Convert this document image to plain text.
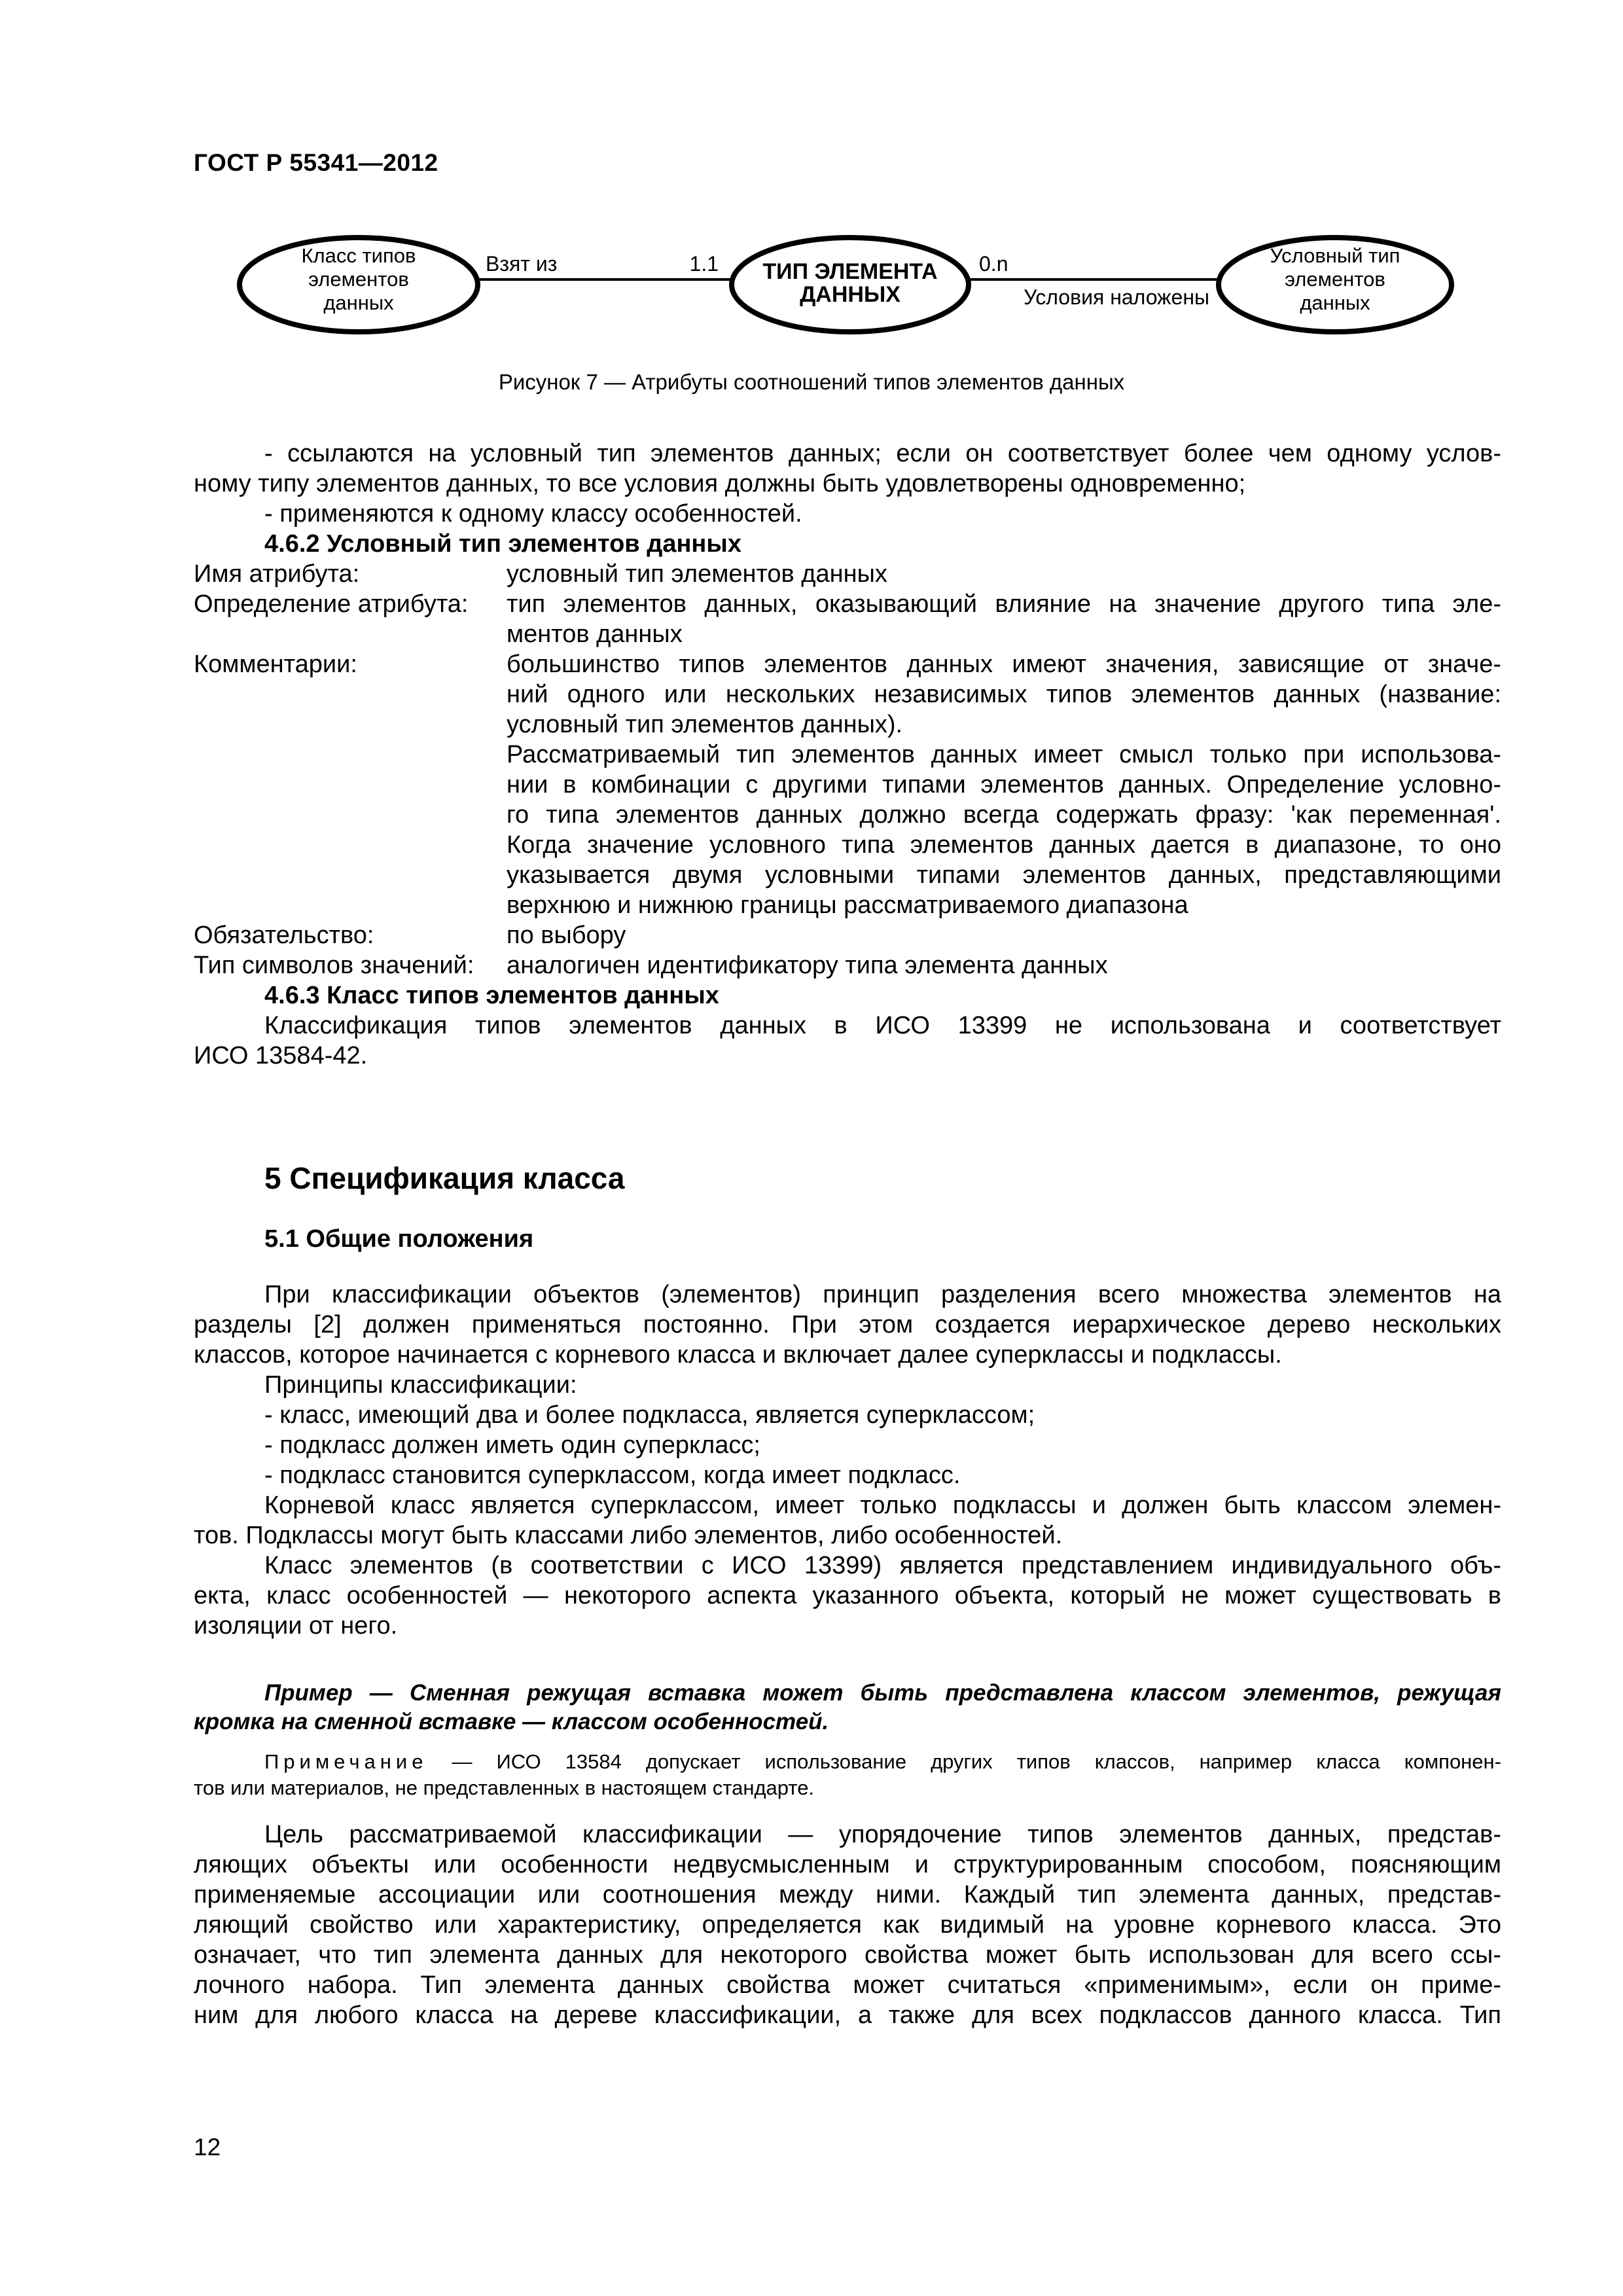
ГОСТ Р 55341—2012
Класс типов
элементов
данных
ТИП ЭЛЕМЕНТА
ДАННЫХ
Условный тип
элементов
данных
Взят из	1.1	0.n
Условия наложены
Рисунок 7 — Атрибуты соотношений типов элементов данных
- ссылаются на условный тип элементов данных; если он соответствует более чем одному услов-
ному типу элементов данных, то все условия должны быть удовлетворены одновременно;
- применяются к одному классу особенностей.
4.6.2 Условный тип элементов данных
Имя атрибута:	условный тип элементов данных
Определение атрибута: тип элементов данных, оказывающий влияние на значение другого типа эле-
ментов данных
Комментарии:	большинство типов элементов данных имеют значения, зависящие от значе-
ний одного или нескольких независимых типов элементов данных (название:
условный тип элементов данных).
Рассматриваемый тип элементов данных имеет смысл только при использова-
нии в комбинации с другими типами элементов данных. Определение условно-
го типа элементов данных должно всегда содержать фразу: 'как переменная'.
Когда значение условного типа элементов данных дается в диапазоне, то оно
указывается двумя условными типами элементов данных, представляющими
верхнюю и нижнюю границы рассматриваемого диапазона
Обязательство:	по выбору
Тип символов значений: аналогичен идентификатору типа элемента данных
4.6.3 Класс типов элементов данных
Классификация типов элементов данных в ИСО 13399 не использована и соответствует
ИСО 13584-42.
5 Спецификация класса
5.1 Общие положения
При классификации объектов (элементов) принцип разделения всего множества элементов на
разделы [2] должен применяться постоянно. При этом создается иерархическое дерево нескольких
классов, которое начинается с корневого класса и включает далее суперклассы и подклассы.
Принципы классификации:
- класс, имеющий два и более подкласса, является суперклассом;
- подкласс должен иметь один суперкласс;
- подкласс становится суперклассом, когда имеет подкласс.
Корневой класс является суперклассом, имеет только подклассы и должен быть классом элемен-
тов. Подклассы могут быть классами либо элементов, либо особенностей.
Класс элементов (в соответствии с ИСО 13399) является представлением индивидуального объ-
екта, класс особенностей — некоторого аспекта указанного объекта, который не может существовать в
изоляции от него.
Пример — Сменная режущая вставка может быть представлена классом элементов, режущая
кромка на сменной вставке — классом особенностей.
Примечание — ИСО 13584 допускает использование других типов классов, например класса компонен-
тов или материалов, не представленных в настоящем стандарте.
Цель рассматриваемой классификации — упорядочение типов элементов данных, представ-
ляющих объекты или особенности недвусмысленным и структурированным способом, поясняющим
применяемые ассоциации или соотношения между ними. Каждый тип элемента данных, представ-
ляющий свойство или характеристику, определяется как видимый на уровне корневого класса. Это
означает, что тип элемента данных для некоторого свойства может быть использован для всего ссы-
лочного набора. Тип элемента данных свойства может считаться «применимым», если он приме-
ним для любого класса на дереве классификации, а также для всех подклассов данного класса. Тип
12
